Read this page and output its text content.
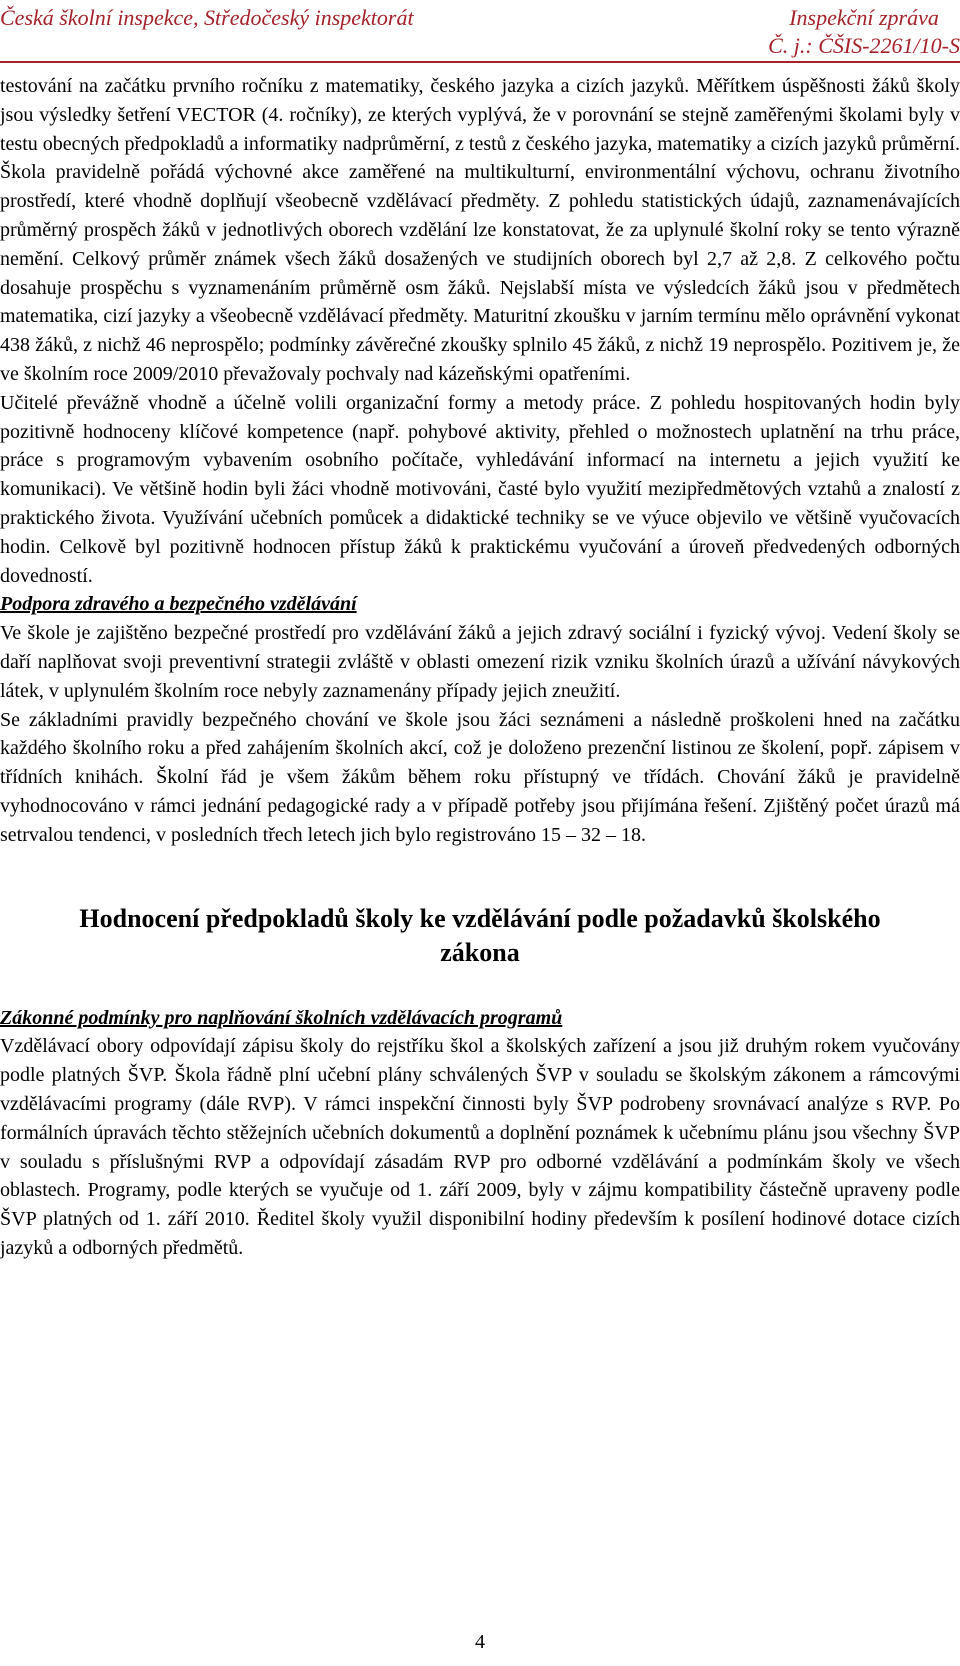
Česká školní inspekce, Středočeský inspektorát	Inspekční zpráva
Č. j.: ČŠIS-2261/10-S

testování na začátku prvního ročníku z matematiky, českého jazyka a cizích jazyků. Měřítkem úspěšnosti žáků školy jsou výsledky šetření VECTOR (4. ročníky), ze kterých vyplývá, že v porovnání se stejně zaměřenými školami byly v testu obecných předpokladů a informatiky nadprůměrní, z testů z českého jazyka, matematiky a cizích jazyků průměrní. Škola pravidelně pořádá výchovné akce zaměřené na multikulturní, environmentální výchovu, ochranu životního prostředí, které vhodně doplňují všeobecně vzdělávací předměty. Z pohledu statistických údajů, zaznamenávajících průměrný prospěch žáků v jednotlivých oborech vzdělání lze konstatovat, že za uplynulé školní roky se tento výrazně nemění. Celkový průměr známek všech žáků dosažených ve studijních oborech byl 2,7 až 2,8. Z celkového počtu dosahuje prospěchu s vyznamenáním průměrně osm žáků. Nejslabší místa ve výsledcích žáků jsou v předmětech matematika, cizí jazyky a všeobecně vzdělávací předměty. Maturitní zkoušku v jarním termínu mělo oprávnění vykonat 438 žáků, z nichž 46 neprospělo; podmínky závěrečné zkoušky splnilo 45 žáků, z nichž 19 neprospělo. Pozitivem je, že ve školním roce 2009/2010 převažovaly pochvaly nad kázeňskými opatřeními.

Učitelé převážně vhodně a účelně volili organizační formy a metody práce. Z pohledu hospitovaných hodin byly pozitivně hodnoceny klíčové kompetence (např. pohybové aktivity, přehled o možnostech uplatnění na trhu práce, práce s programovým vybavením osobního počítače, vyhledávání informací na internetu a jejich využití ke komunikaci). Ve většině hodin byli žáci vhodně motivováni, časté bylo využití mezipředmětových vztahů a znalostí z praktického života. Využívání učebních pomůcek a didaktické techniky se ve výuce objevilo ve většině vyučovacích hodin. Celkově byl pozitivně hodnocen přístup žáků k praktickému vyučování a úroveň předvedených odborných dovedností.

Podpora zdravého a bezpečného vzdělávání

Ve škole je zajištěno bezpečné prostředí pro vzdělávání žáků a jejich zdravý sociální i fyzický vývoj. Vedení školy se daří naplňovat svoji preventivní strategii zvláště v oblasti omezení rizik vzniku školních úrazů a užívání návykových látek, v uplynulém školním roce nebyly zaznamenány případy jejich zneužití.

Se základními pravidly bezpečného chování ve škole jsou žáci seznámeni a následně proškoleni hned na začátku každého školního roku a před zahájením školních akcí, což je doloženo prezenční listinou ze školení, popř. zápisem v třídních knihách. Školní řád je všem žákům během roku přístupný ve třídách. Chování žáků je pravidelně vyhodnocováno v rámci jednání pedagogické rady a v případě potřeby jsou přijímána řešení. Zjištěný počet úrazů má setrvalou tendenci, v posledních třech letech jich bylo registrováno 15 – 32 – 18.

Hodnocení předpokladů školy ke vzdělávání podle požadavků školského zákona
Zákonné podmínky pro naplňování školních vzdělávacích programů

Vzdělávací obory odpovídají zápisu školy do rejstříku škol a školských zařízení a jsou již druhým rokem vyučovány podle platných ŠVP. Škola řádně plní učební plány schválených ŠVP v souladu se školským zákonem a rámcovými vzdělávacími programy (dále RVP). V rámci inspekční činnosti byly ŠVP podrobeny srovnávací analýze s RVP. Po formálních úpravách těchto stěžejních učebních dokumentů a doplnění poznámek k učebnímu plánu jsou všechny ŠVP v souladu s příslušnými RVP a odpovídají zásadám RVP pro odborné vzdělávání a podmínkám školy ve všech oblastech. Programy, podle kterých se vyučuje od 1. září 2009, byly v zájmu kompatibility částečně upraveny podle ŠVP platných od 1. září 2010. Ředitel školy využil disponibilní hodiny především k posílení hodinové dotace cizích jazyků a odborných předmětů.

4
